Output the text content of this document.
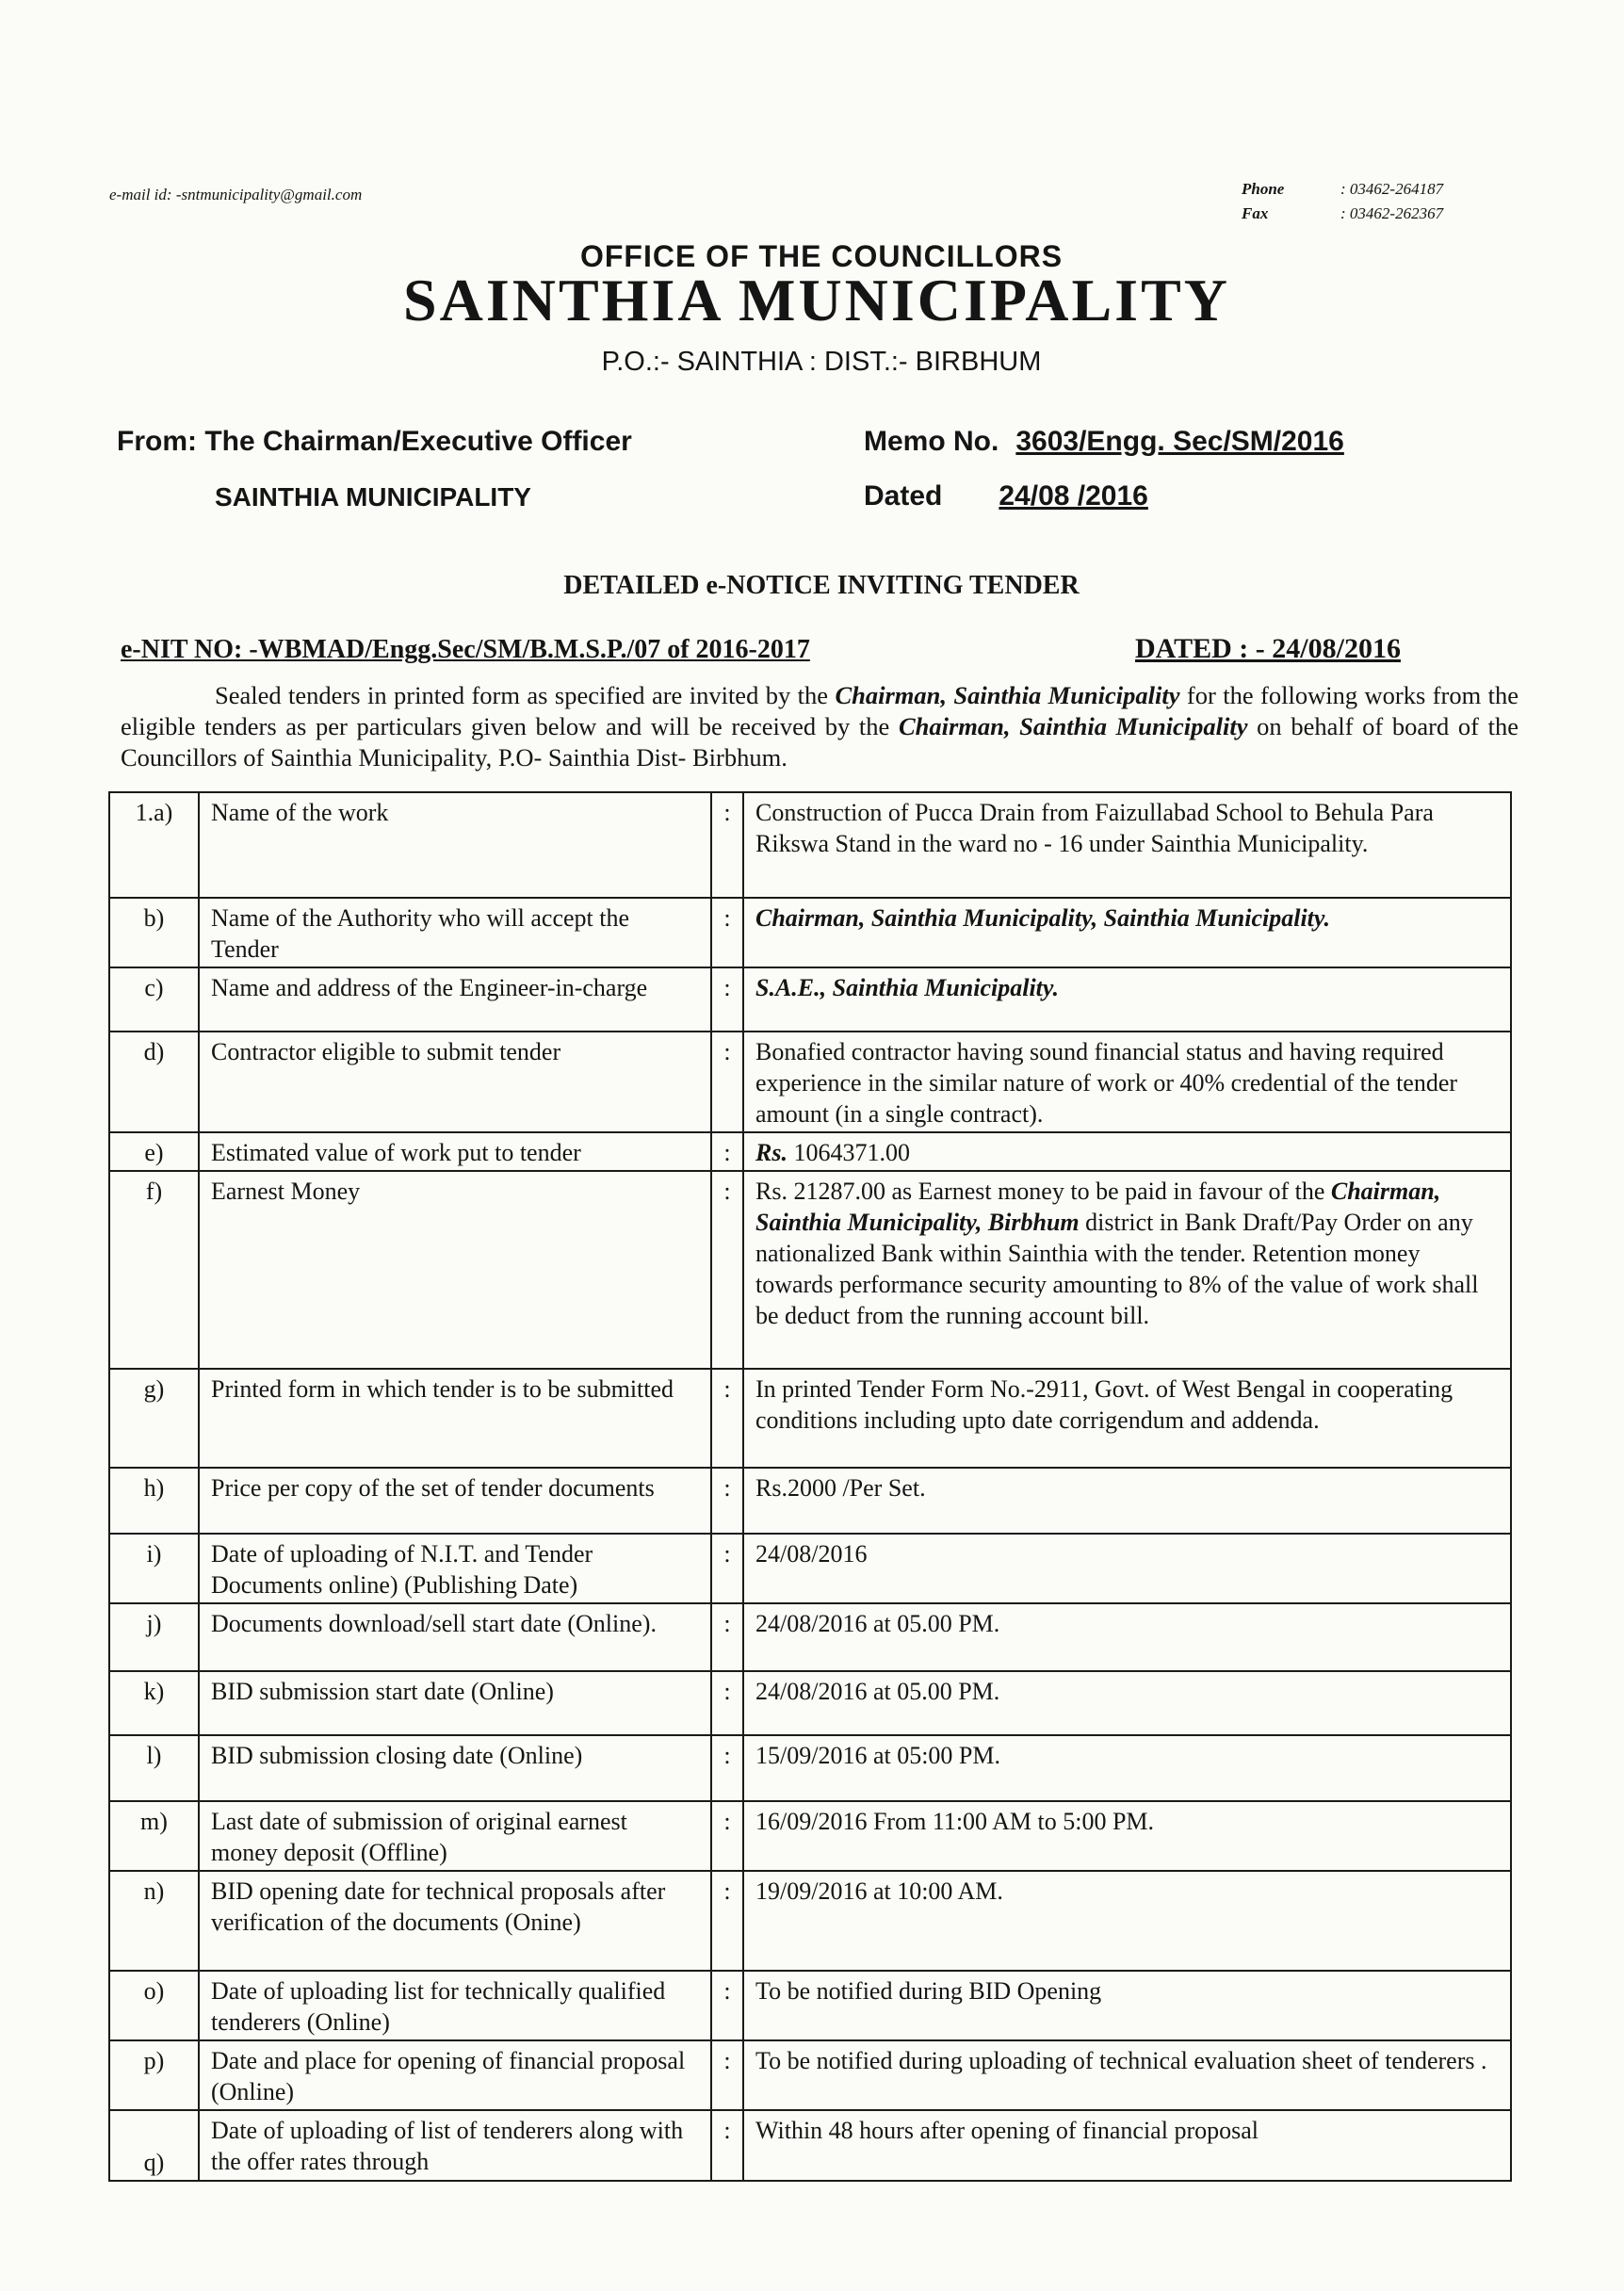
e-mail id: -sntmunicipality@gmail.com	Phone	: 03462-264187
Fax	: 03462-262367
OFFICE OF THE COUNCILLORS
SAINTHIA MUNICIPALITY
P.O.:- SAINTHIA : DIST.:- BIRBHUM
From: The Chairman/Executive Officer
SAINTHIA MUNICIPALITY
Memo No. 3603/Engg. Sec/SM/2016
Dated 24/08 /2016
DETAILED e-NOTICE INVITING TENDER
e-NIT NO: -WBMAD/Engg.Sec/SM/B.M.S.P./07 of 2016-2017	DATED : - 24/08/2016
Sealed tenders in printed form as specified are invited by the Chairman, Sainthia Municipality for the following works from the eligible tenders as per particulars given below and will be received by the Chairman, Sainthia Municipality on behalf of board of the Councillors of Sainthia Municipality, P.O- Sainthia Dist- Birbhum.
1.a)	Name of the work	:	Construction of Pucca Drain from Faizullabad School to Behula Para Rikswa Stand in the ward no - 16 under Sainthia Municipality.
b)	Name of the Authority who will accept the Tender	:	Chairman, Sainthia Municipality, Sainthia Municipality.
c)	Name and address of the Engineer-in-charge	:	S.A.E., Sainthia Municipality.
d)	Contractor eligible to submit tender	:	Bonafied contractor having sound financial status and having required experience in the similar nature of work or 40% credential of the tender amount (in a single contract).
e)	Estimated value of work put to tender	:	Rs. 1064371.00
f)	Earnest Money	:	Rs. 21287.00 as Earnest money to be paid in favour of the Chairman, Sainthia Municipality, Birbhum district in Bank Draft/Pay Order on any nationalized Bank within Sainthia with the tender. Retention money towards performance security amounting to 8% of the value of work shall be deduct from the running account bill.
g)	Printed form in which tender is to be submitted	:	In printed Tender Form No.-2911, Govt. of West Bengal in cooperating conditions including upto date corrigendum and addenda.
h)	Price per copy of the set of tender documents	:	Rs.2000 /Per Set.
i)	Date of uploading of N.I.T. and Tender Documents online) (Publishing Date)	:	24/08/2016
j)	Documents download/sell start date (Online).	:	24/08/2016 at 05.00 PM.
k)	BID submission start date (Online)	:	24/08/2016 at 05.00 PM.
l)	BID submission closing date (Online)	:	15/09/2016 at 05:00 PM.
m)	Last date of submission of original earnest money deposit (Offline)	:	16/09/2016 From 11:00 AM to 5:00 PM.
n)	BID opening date for technical proposals after verification of the documents (Onine)	:	19/09/2016 at 10:00 AM.
o)	Date of uploading list for technically qualified tenderers (Online)	:	To be notified during BID Opening
p)	Date and place for opening of financial proposal (Online)	:	To be notified during uploading of technical evaluation sheet of tenderers .
q)	Date of uploading of list of tenderers along with the offer rates through	:	Within 48 hours after opening of financial proposal
